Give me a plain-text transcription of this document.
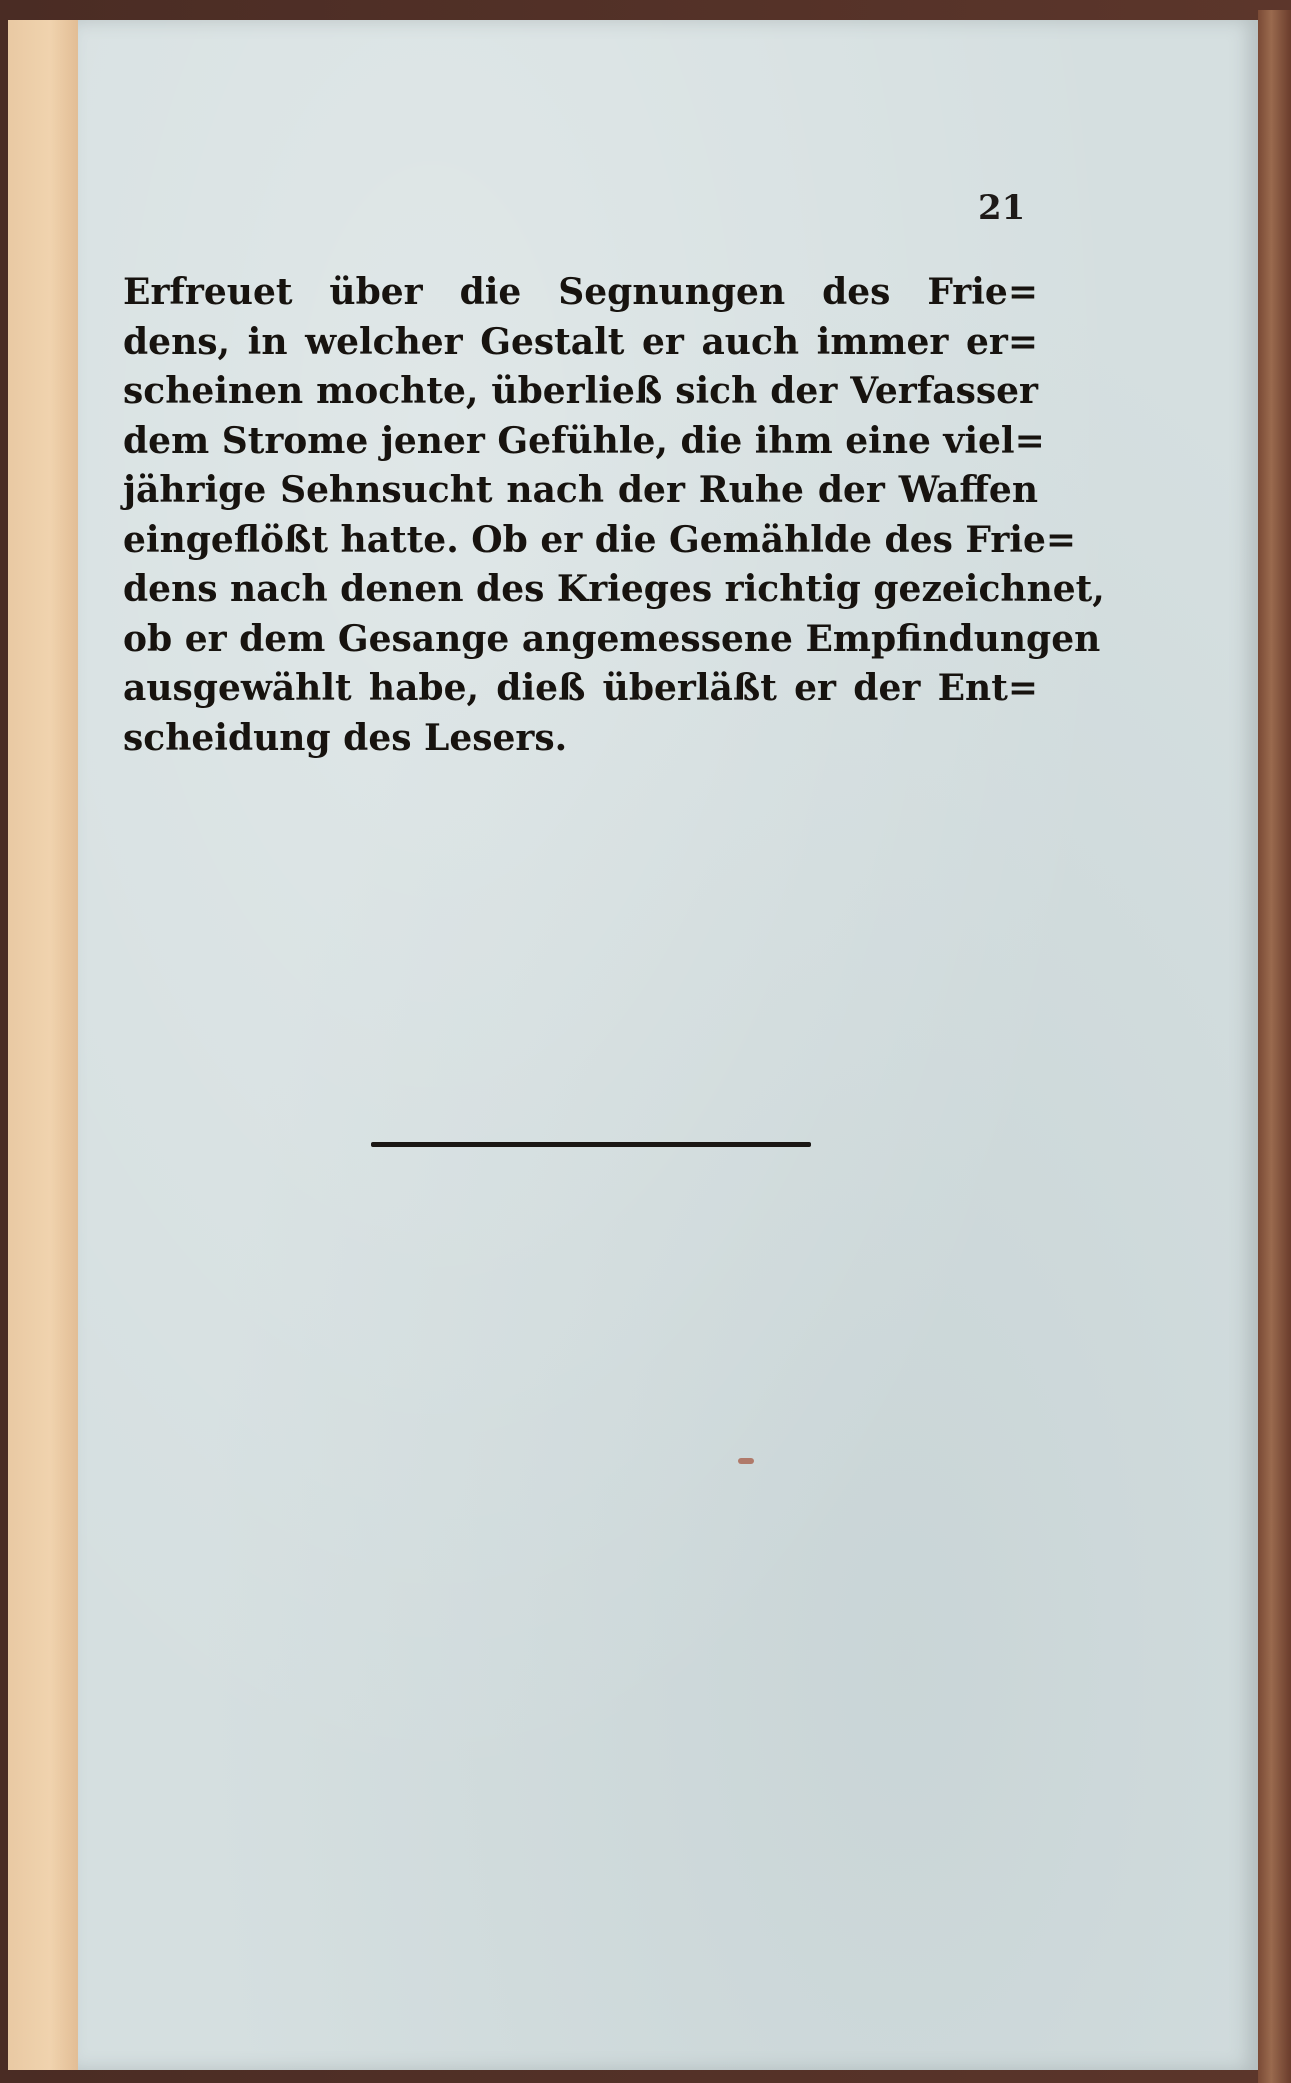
21

Erfreuet über die Segnungen des Frie=
dens, in welcher Gestalt er auch immer er=
scheinen mochte, überließ sich der Verfasser
dem Strome jener Gefühle, die ihm eine viel=
jährige Sehnsucht nach der Ruhe der Waffen
eingeflößt hatte. Ob er die Gemählde des Frie=
dens nach denen des Krieges richtig gezeichnet,
ob er dem Gesange angemessene Empfindungen
ausgewählt habe, dieß überläßt er der Ent=
scheidung des Lesers.
